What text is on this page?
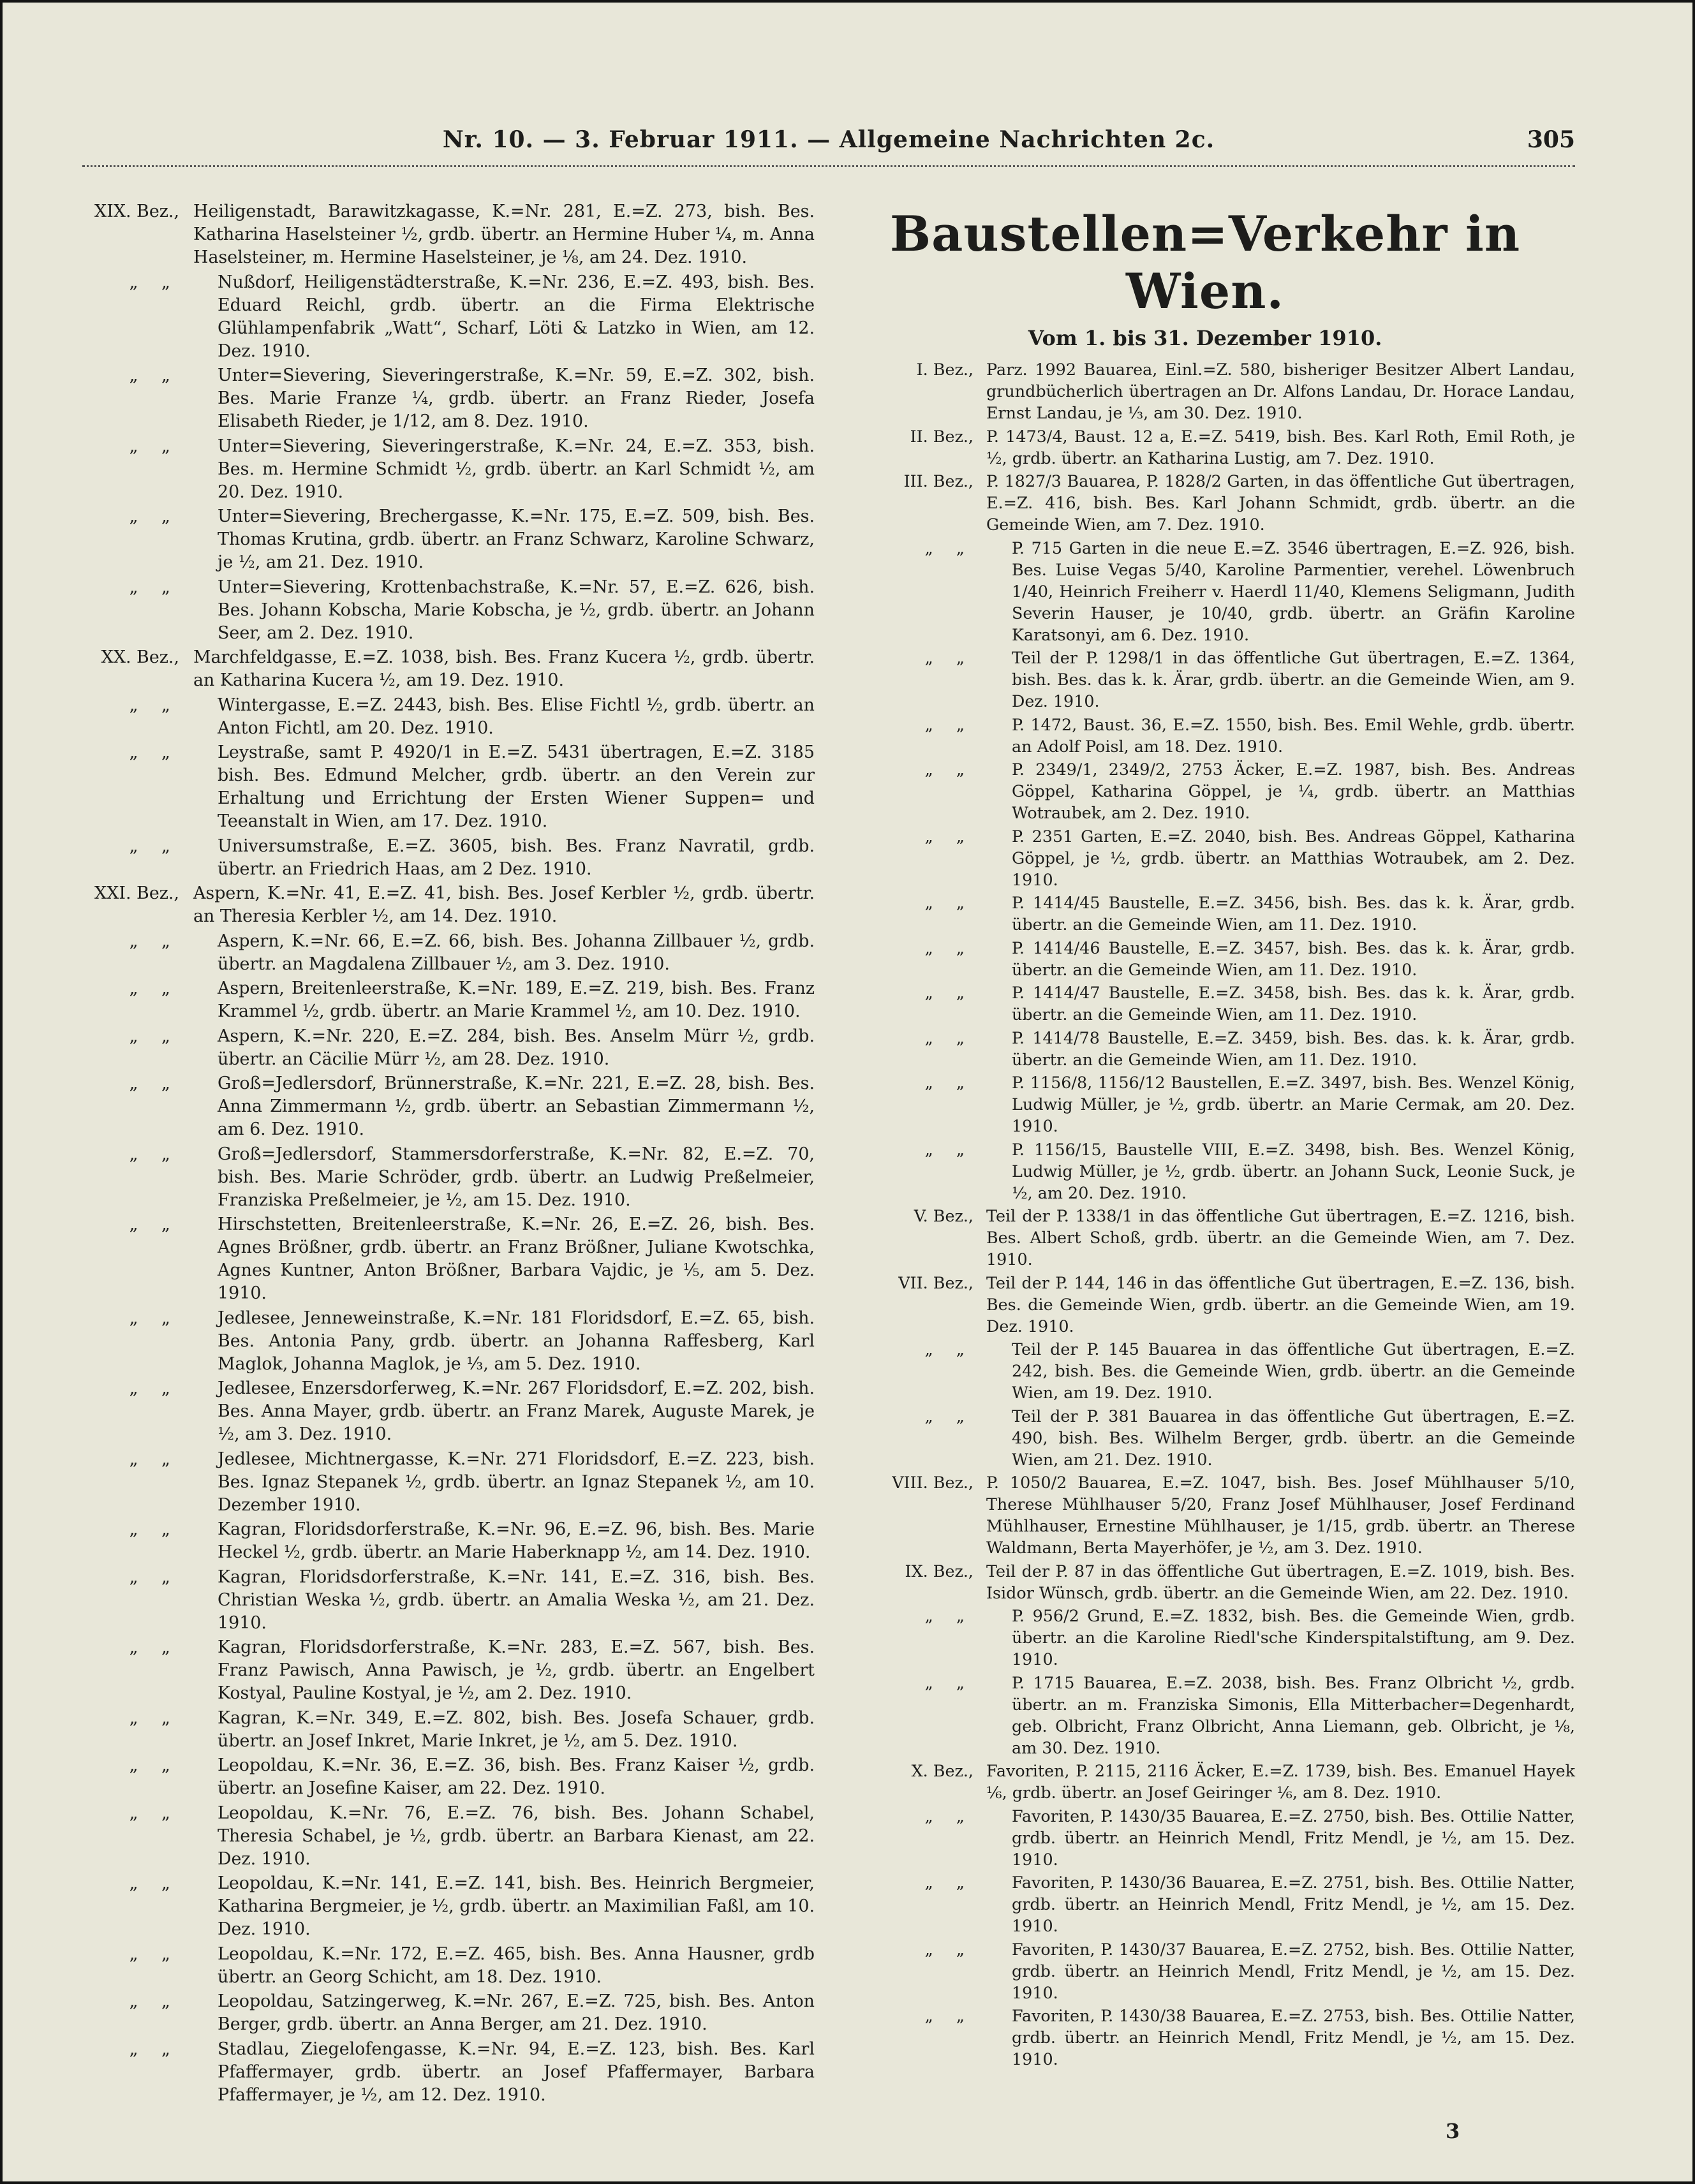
Nr. 10. — 3. Februar 1911. — Allgemeine Nachrichten 2c.	305
XIX. Bez., Heiligenstadt, Barawitzkagasse, K.=Nr. 281, E.=Z. 273, bish. Bes. Katharina Haselsteiner ½, grdb. übertr. an Hermine Huber ¼, m. Anna Haselsteiner, m. Hermine Haselsteiner, je ⅛, am 24. Dez. 1910.
„ „	Nußdorf, Heiligenstädterstraße, K.=Nr. 236, E.=Z. 493, bish. Bes. Eduard Reichl, grdb. übertr. an die Firma Elektrische Glühlampenfabrik „Watt“, Scharf, Löti & Latzko in Wien, am 12. Dez. 1910.
„ „	Unter=Sievering, Sieveringerstraße, K.=Nr. 59, E.=Z. 302, bish. Bes. Marie Franze ¼, grdb. übertr. an Franz Rieder, Josefa Elisabeth Rieder, je 1/12, am 8. Dez. 1910.
„ „	Unter=Sievering, Sieveringerstraße, K.=Nr. 24, E.=Z. 353, bish. Bes. m. Hermine Schmidt ½, grdb. übertr. an Karl Schmidt ½, am 20. Dez. 1910.
„ „	Unter=Sievering, Brechergasse, K.=Nr. 175, E.=Z. 509, bish. Bes. Thomas Krutina, grdb. übertr. an Franz Schwarz, Karoline Schwarz, je ½, am 21. Dez. 1910.
„ „	Unter=Sievering, Krottenbachstraße, K.=Nr. 57, E.=Z. 626, bish. Bes. Johann Kobscha, Marie Kobscha, je ½, grdb. übertr. an Johann Seer, am 2. Dez. 1910.
XX. Bez., Marchfeldgasse, E.=Z. 1038, bish. Bes. Franz Kucera ½, grdb. übertr. an Katharina Kucera ½, am 19. Dez. 1910.
„ „	Wintergasse, E.=Z. 2443, bish. Bes. Elise Fichtl ½, grdb. übertr. an Anton Fichtl, am 20. Dez. 1910.
„ „	Leystraße, samt P. 4920/1 in E.=Z. 5431 übertragen, E.=Z. 3185 bish. Bes. Edmund Melcher, grdb. übertr. an den Verein zur Erhaltung und Errichtung der Ersten Wiener Suppen= und Teeanstalt in Wien, am 17. Dez. 1910.
„ „	Universumstraße, E.=Z. 3605, bish. Bes. Franz Navratil, grdb. übertr. an Friedrich Haas, am 2 Dez. 1910.
XXI. Bez., Aspern, K.=Nr. 41, E.=Z. 41, bish. Bes. Josef Kerbler ½, grdb. übertr. an Theresia Kerbler ½, am 14. Dez. 1910.
„ „	Aspern, K.=Nr. 66, E.=Z. 66, bish. Bes. Johanna Zillbauer ½, grdb. übertr. an Magdalena Zillbauer ½, am 3. Dez. 1910.
„ „	Aspern, Breitenleerstraße, K.=Nr. 189, E.=Z. 219, bish. Bes. Franz Krammel ½, grdb. übertr. an Marie Krammel ½, am 10. Dez. 1910.
„ „	Aspern, K.=Nr. 220, E.=Z. 284, bish. Bes. Anselm Mürr ½, grdb. übertr. an Cäcilie Mürr ½, am 28. Dez. 1910.
„ „	Groß=Jedlersdorf, Brünnerstraße, K.=Nr. 221, E.=Z. 28, bish. Bes. Anna Zimmermann ½, grdb. übertr. an Sebastian Zimmermann ½, am 6. Dez. 1910.
„ „	Groß=Jedlersdorf, Stammersdorferstraße, K.=Nr. 82, E.=Z. 70, bish. Bes. Marie Schröder, grdb. übertr. an Ludwig Preßelmeier, Franziska Preßelmeier, je ½, am 15. Dez. 1910.
„ „	Hirschstetten, Breitenleerstraße, K.=Nr. 26, E.=Z. 26, bish. Bes. Agnes Brößner, grdb. übertr. an Franz Brößner, Juliane Kwotschka, Agnes Kuntner, Anton Brößner, Barbara Vajdic, je ⅕, am 5. Dez. 1910.
„ „	Jedlesee, Jenneweinstraße, K.=Nr. 181 Floridsdorf, E.=Z. 65, bish. Bes. Antonia Pany, grdb. übertr. an Johanna Raffesberg, Karl Maglok, Johanna Maglok, je ⅓, am 5. Dez. 1910.
„ „	Jedlesee, Enzersdorferweg, K.=Nr. 267 Floridsdorf, E.=Z. 202, bish. Bes. Anna Mayer, grdb. übertr. an Franz Marek, Auguste Marek, je ½, am 3. Dez. 1910.
„ „	Jedlesee, Michtnergasse, K.=Nr. 271 Floridsdorf, E.=Z. 223, bish. Bes. Ignaz Stepanek ½, grdb. übertr. an Ignaz Stepanek ½, am 10. Dezember 1910.
„ „	Kagran, Floridsdorferstraße, K.=Nr. 96, E.=Z. 96, bish. Bes. Marie Heckel ½, grdb. übertr. an Marie Haberknapp ½, am 14. Dez. 1910.
„ „	Kagran, Floridsdorferstraße, K.=Nr. 141, E.=Z. 316, bish. Bes. Christian Weska ½, grdb. übertr. an Amalia Weska ½, am 21. Dez. 1910.
„ „	Kagran, Floridsdorferstraße, K.=Nr. 283, E.=Z. 567, bish. Bes. Franz Pawisch, Anna Pawisch, je ½, grdb. übertr. an Engelbert Kostyal, Pauline Kostyal, je ½, am 2. Dez. 1910.
„ „	Kagran, K.=Nr. 349, E.=Z. 802, bish. Bes. Josefa Schauer, grdb. übertr. an Josef Inkret, Marie Inkret, je ½, am 5. Dez. 1910.
„ „	Leopoldau, K.=Nr. 36, E.=Z. 36, bish. Bes. Franz Kaiser ½, grdb. übertr. an Josefine Kaiser, am 22. Dez. 1910.
„ „	Leopoldau, K.=Nr. 76, E.=Z. 76, bish. Bes. Johann Schabel, Theresia Schabel, je ½, grdb. übertr. an Barbara Kienast, am 22. Dez. 1910.
„ „	Leopoldau, K.=Nr. 141, E.=Z. 141, bish. Bes. Heinrich Bergmeier, Katharina Bergmeier, je ½, grdb. übertr. an Maximilian Faßl, am 10. Dez. 1910.
„ „	Leopoldau, K.=Nr. 172, E.=Z. 465, bish. Bes. Anna Hausner, grdb übertr. an Georg Schicht, am 18. Dez. 1910.
„ „	Leopoldau, Satzingerweg, K.=Nr. 267, E.=Z. 725, bish. Bes. Anton Berger, grdb. übertr. an Anna Berger, am 21. Dez. 1910.
„ „	Stadlau, Ziegelofengasse, K.=Nr. 94, E.=Z. 123, bish. Bes. Karl Pfaffermayer, grdb. übertr. an Josef Pfaffermayer, Barbara Pfaffermayer, je ½, am 12. Dez. 1910.
Baustellen=Verkehr in Wien.
Vom 1. bis 31. Dezember 1910.
I. Bez., Parz. 1992 Bauarea, Einl.=Z. 580, bisheriger Besitzer Albert Landau, grundbücherlich übertragen an Dr. Alfons Landau, Dr. Horace Landau, Ernst Landau, je ⅓, am 30. Dez. 1910.
II. Bez., P. 1473/4, Baust. 12 a, E.=Z. 5419, bish. Bes. Karl Roth, Emil Roth, je ½, grdb. übertr. an Katharina Lustig, am 7. Dez. 1910.
III. Bez., P. 1827/3 Bauarea, P. 1828/2 Garten, in das öffentliche Gut übertragen, E.=Z. 416, bish. Bes. Karl Johann Schmidt, grdb. übertr. an die Gemeinde Wien, am 7. Dez. 1910.
„ „	P. 715 Garten in die neue E.=Z. 3546 übertragen, E.=Z. 926, bish. Bes. Luise Vegas 5/40, Karoline Parmentier, verehel. Löwenbruch 1/40, Heinrich Freiherr v. Haerdl 11/40, Klemens Seligmann, Judith Severin Hauser, je 10/40, grdb. übertr. an Gräfin Karoline Karatsonyi, am 6. Dez. 1910.
„ „	Teil der P. 1298/1 in das öffentliche Gut übertragen, E.=Z. 1364, bish. Bes. das k. k. Ärar, grdb. übertr. an die Gemeinde Wien, am 9. Dez. 1910.
„ „	P. 1472, Baust. 36, E.=Z. 1550, bish. Bes. Emil Wehle, grdb. übertr. an Adolf Poisl, am 18. Dez. 1910.
„ „	P. 2349/1, 2349/2, 2753 Äcker, E.=Z. 1987, bish. Bes. Andreas Göppel, Katharina Göppel, je ¼, grdb. übertr. an Matthias Wotraubek, am 2. Dez. 1910.
„ „	P. 2351 Garten, E.=Z. 2040, bish. Bes. Andreas Göppel, Katharina Göppel, je ½, grdb. übertr. an Matthias Wotraubek, am 2. Dez. 1910.
„ „	P. 1414/45 Baustelle, E.=Z. 3456, bish. Bes. das k. k. Ärar, grdb. übertr. an die Gemeinde Wien, am 11. Dez. 1910.
„ „	P. 1414/46 Baustelle, E.=Z. 3457, bish. Bes. das k. k. Ärar, grdb. übertr. an die Gemeinde Wien, am 11. Dez. 1910.
„ „	P. 1414/47 Baustelle, E.=Z. 3458, bish. Bes. das k. k. Ärar, grdb. übertr. an die Gemeinde Wien, am 11. Dez. 1910.
„ „	P. 1414/78 Baustelle, E.=Z. 3459, bish. Bes. das. k. k. Ärar, grdb. übertr. an die Gemeinde Wien, am 11. Dez. 1910.
„ „	P. 1156/8, 1156/12 Baustellen, E.=Z. 3497, bish. Bes. Wenzel König, Ludwig Müller, je ½, grdb. übertr. an Marie Cermak, am 20. Dez. 1910.
„ „	P. 1156/15, Baustelle VIII, E.=Z. 3498, bish. Bes. Wenzel König, Ludwig Müller, je ½, grdb. übertr. an Johann Suck, Leonie Suck, je ½, am 20. Dez. 1910.
V. Bez., Teil der P. 1338/1 in das öffentliche Gut übertragen, E.=Z. 1216, bish. Bes. Albert Schoß, grdb. übertr. an die Gemeinde Wien, am 7. Dez. 1910.
VII. Bez., Teil der P. 144, 146 in das öffentliche Gut übertragen, E.=Z. 136, bish. Bes. die Gemeinde Wien, grdb. übertr. an die Gemeinde Wien, am 19. Dez. 1910.
„ „	Teil der P. 145 Bauarea in das öffentliche Gut übertragen, E.=Z. 242, bish. Bes. die Gemeinde Wien, grdb. übertr. an die Gemeinde Wien, am 19. Dez. 1910.
„ „	Teil der P. 381 Bauarea in das öffentliche Gut übertragen, E.=Z. 490, bish. Bes. Wilhelm Berger, grdb. übertr. an die Gemeinde Wien, am 21. Dez. 1910.
VIII. Bez., P. 1050/2 Bauarea, E.=Z. 1047, bish. Bes. Josef Mühlhauser 5/10, Therese Mühlhauser 5/20, Franz Josef Mühlhauser, Josef Ferdinand Mühlhauser, Ernestine Mühlhauser, je 1/15, grdb. übertr. an Therese Waldmann, Berta Mayerhöfer, je ½, am 3. Dez. 1910.
IX. Bez., Teil der P. 87 in das öffentliche Gut übertragen, E.=Z. 1019, bish. Bes. Isidor Wünsch, grdb. übertr. an die Gemeinde Wien, am 22. Dez. 1910.
„ „	P. 956/2 Grund, E.=Z. 1832, bish. Bes. die Gemeinde Wien, grdb. übertr. an die Karoline Riedl'sche Kinderspitalstiftung, am 9. Dez. 1910.
„ „	P. 1715 Bauarea, E.=Z. 2038, bish. Bes. Franz Olbricht ½, grdb. übertr. an m. Franziska Simonis, Ella Mitterbacher=Degenhardt, geb. Olbricht, Franz Olbricht, Anna Liemann, geb. Olbricht, je ⅛, am 30. Dez. 1910.
X. Bez., Favoriten, P. 2115, 2116 Äcker, E.=Z. 1739, bish. Bes. Emanuel Hayek ⅙, grdb. übertr. an Josef Geiringer ⅙, am 8. Dez. 1910.
„ „	Favoriten, P. 1430/35 Bauarea, E.=Z. 2750, bish. Bes. Ottilie Natter, grdb. übertr. an Heinrich Mendl, Fritz Mendl, je ½, am 15. Dez. 1910.
„ „	Favoriten, P. 1430/36 Bauarea, E.=Z. 2751, bish. Bes. Ottilie Natter, grdb. übertr. an Heinrich Mendl, Fritz Mendl, je ½, am 15. Dez. 1910.
„ „	Favoriten, P. 1430/37 Bauarea, E.=Z. 2752, bish. Bes. Ottilie Natter, grdb. übertr. an Heinrich Mendl, Fritz Mendl, je ½, am 15. Dez. 1910.
„ „	Favoriten, P. 1430/38 Bauarea, E.=Z. 2753, bish. Bes. Ottilie Natter, grdb. übertr. an Heinrich Mendl, Fritz Mendl, je ½, am 15. Dez. 1910.
3
